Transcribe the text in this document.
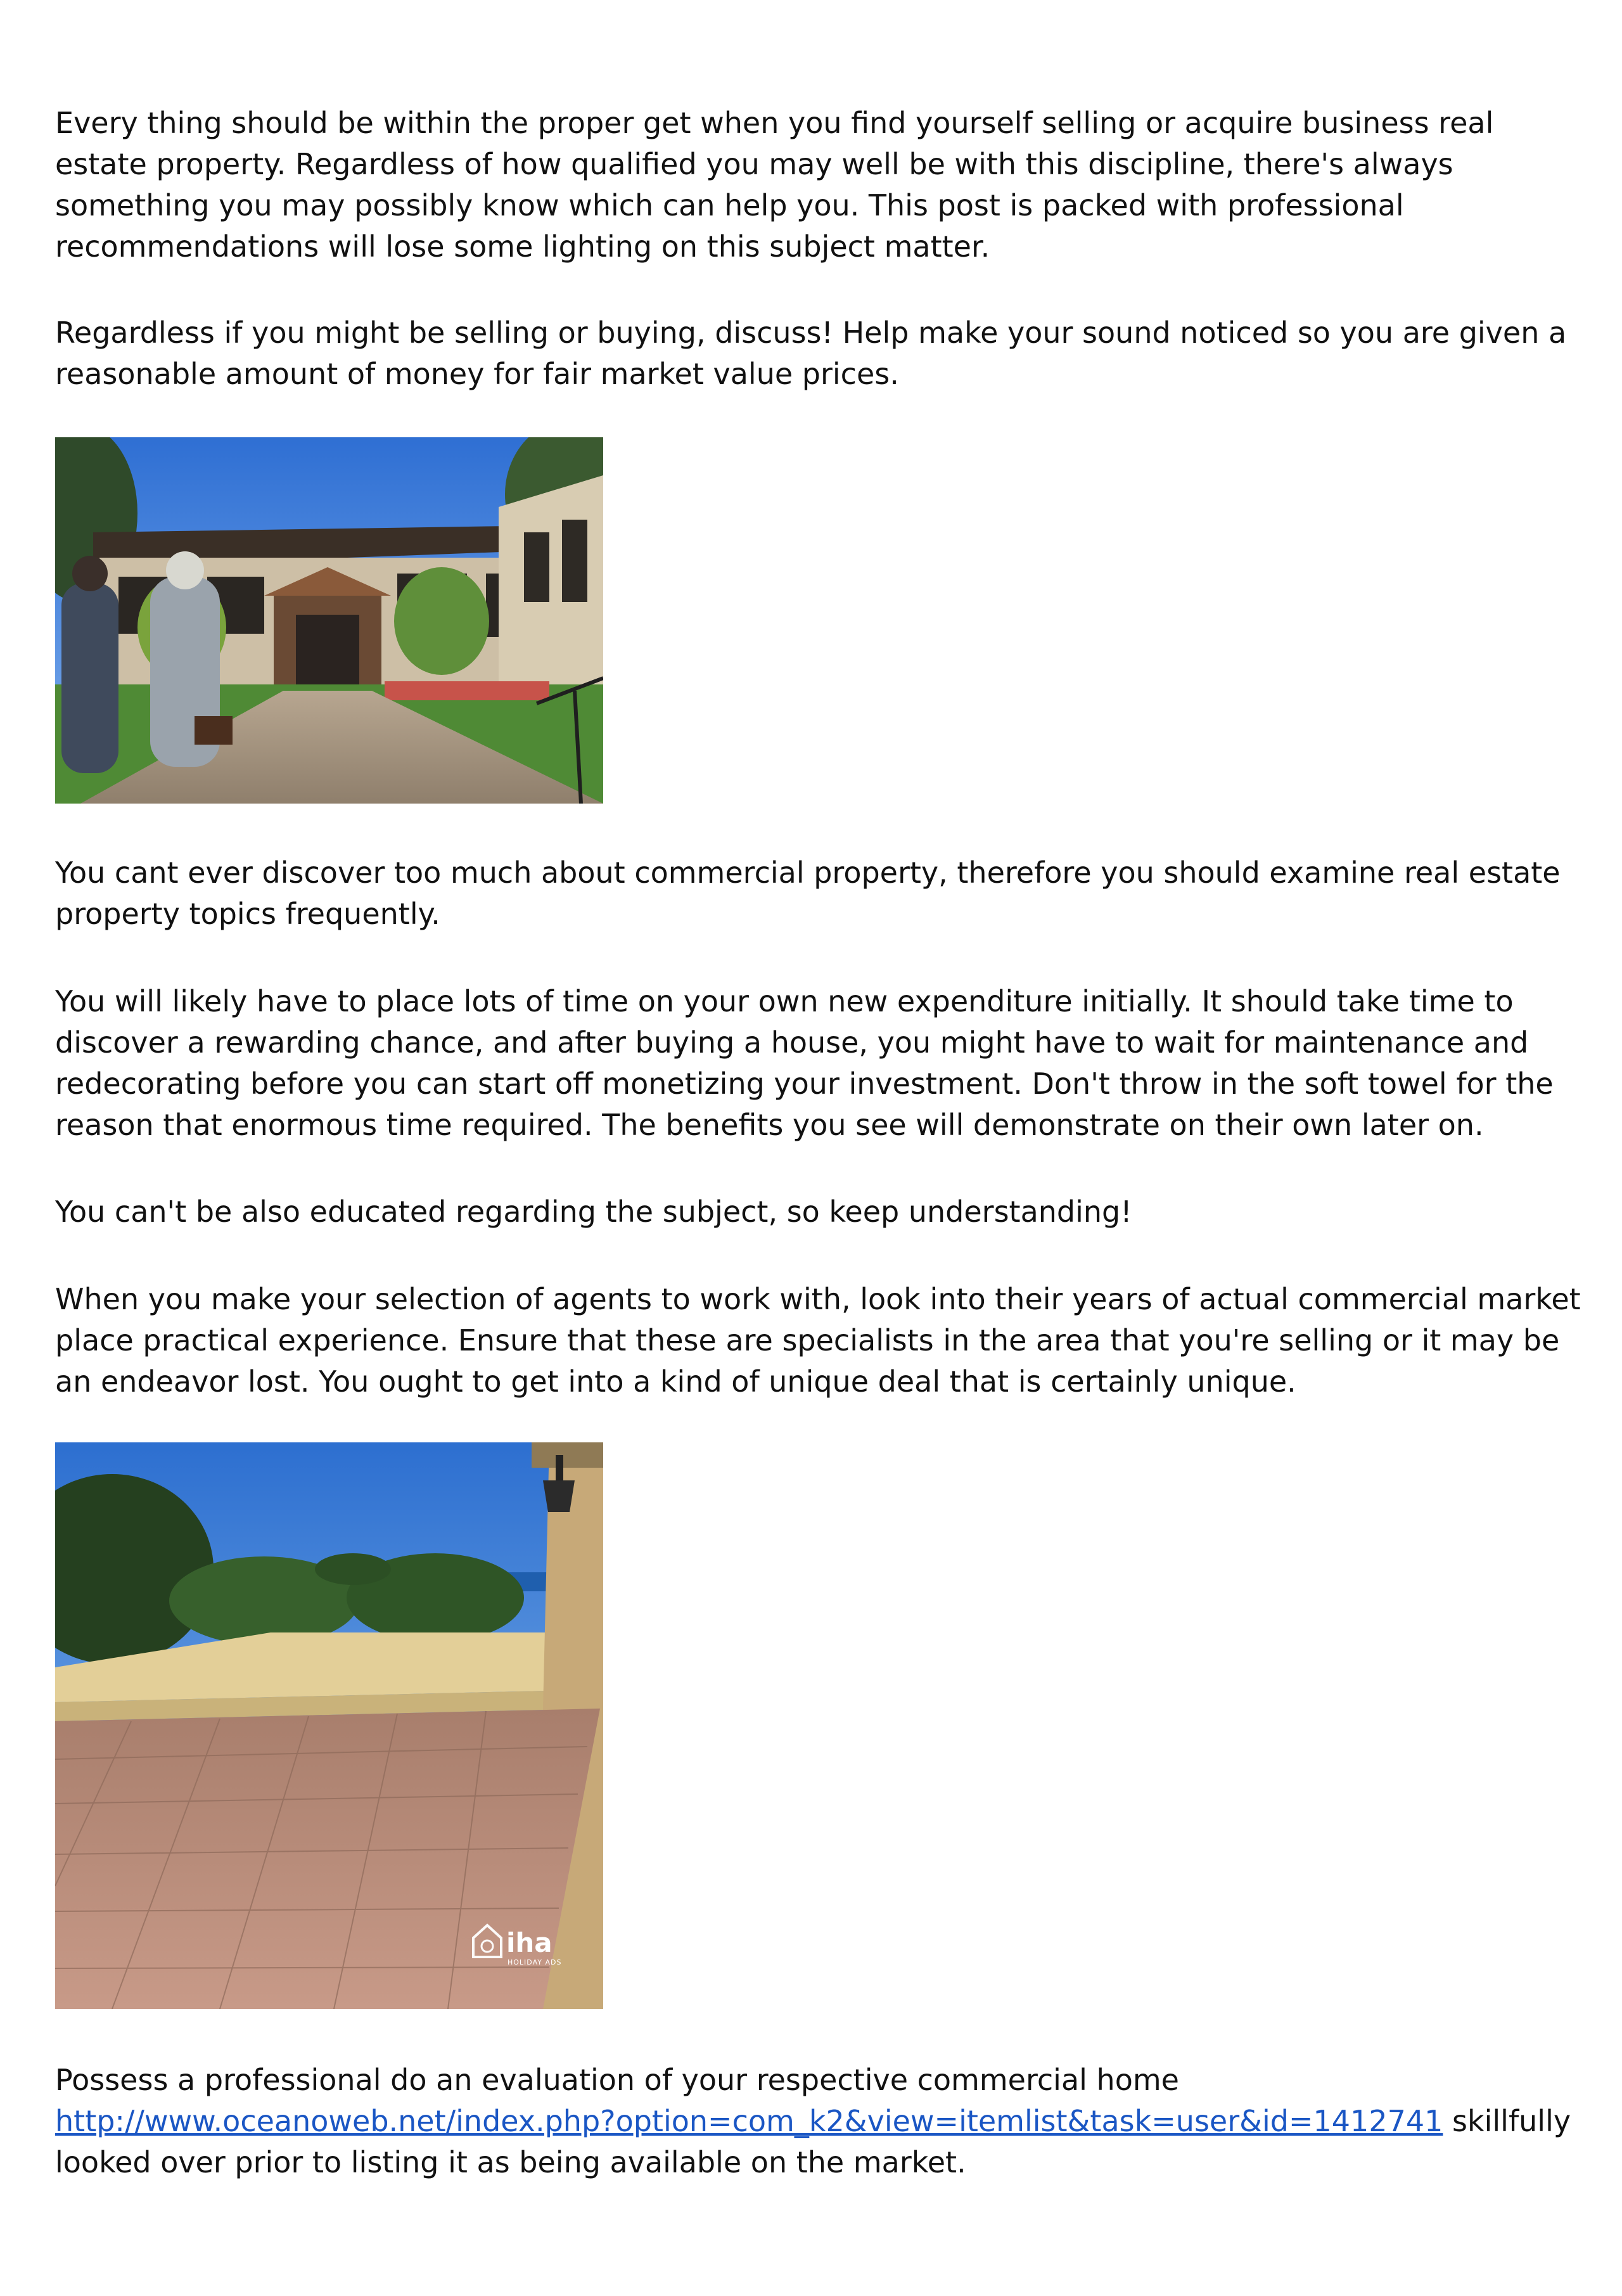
Every thing should be within the proper get when you find yourself selling or acquire business real estate property. Regardless of how qualified you may well be with this discipline, there's always something you may possibly know which can help you. This post is packed with professional recommendations will lose some lighting on this subject matter.

Regardless if you might be selling or buying, discuss! Help make your sound noticed so you are given a reasonable amount of money for fair market value prices.

You cant ever discover too much about commercial property, therefore you should examine real estate property topics frequently.

You will likely have to place lots of time on your own new expenditure initially. It should take time to discover a rewarding chance, and after buying a house, you might have to wait for maintenance and redecorating before you can start off monetizing your investment. Don't throw in the soft towel for the reason that enormous time required. The benefits you see will demonstrate on their own later on.

You can't be also educated regarding the subject, so keep understanding!

When you make your selection of agents to work with, look into their years of actual commercial market place practical experience. Ensure that these are specialists in the area that you're selling or it may be an endeavor lost. You ought to get into a kind of unique deal that is certainly unique.

iha
HOLIDAY ADS

Possess a professional do an evaluation of your respective commercial home http://www.oceanoweb.net/index.php?option=com_k2&view=itemlist&task=user&id=1412741 skillfully looked over prior to listing it as being available on the market.
